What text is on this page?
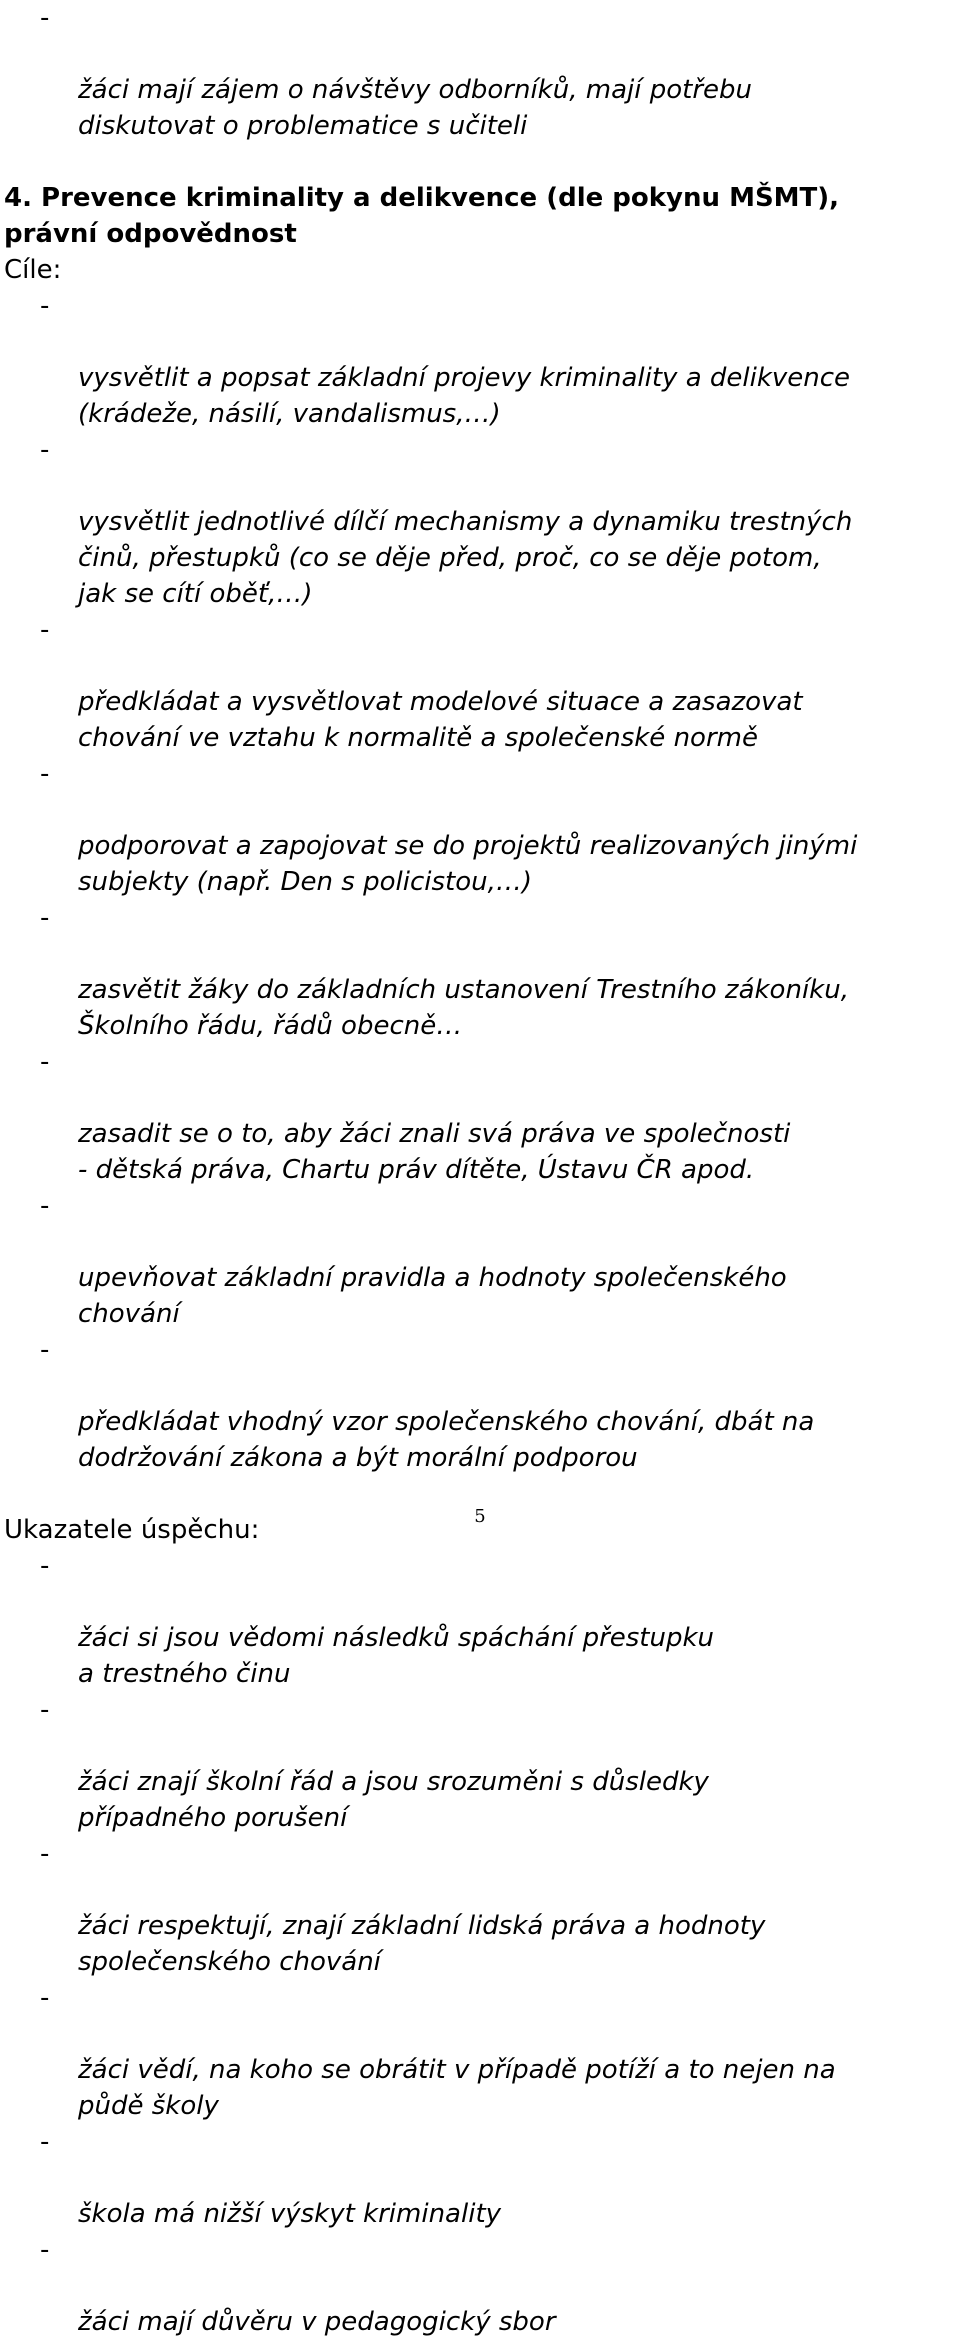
-

žáci mají zájem o návštěvy odborníků, mají potřebu
diskutovat o problematice s učiteli

4. Prevence kriminality a delikvence (dle pokynu MŠMT),
právní odpovědnost
Cíle:

-

vysvětlit a popsat základní projevy kriminality a delikvence
(krádeže, násilí, vandalismus,…)

-

vysvětlit jednotlivé dílčí mechanismy a dynamiku trestných
činů, přestupků (co se děje před, proč, co se děje potom,
jak se cítí oběť,…)

-

předkládat a vysvětlovat modelové situace a zasazovat
chování ve vztahu k normalitě a společenské normě

-

podporovat a zapojovat se do projektů realizovaných jinými
subjekty (např. Den s policistou,…)

-

zasvětit žáky do základních ustanovení Trestního zákoníku,
Školního řádu, řádů obecně…

-

zasadit se o to, aby žáci znali svá práva ve společnosti
- dětská práva, Chartu práv dítěte, Ústavu ČR apod.

-

upevňovat základní pravidla a hodnoty společenského
chování

-

předkládat vhodný vzor společenského chování, dbát na
dodržování zákona a být morální podporou

Ukazatele úspěchu:

-

žáci si jsou vědomi následků spáchání přestupku
a trestného činu

-

žáci znají školní řád a jsou srozuměni s důsledky
případného porušení

-

žáci respektují, znají základní lidská práva a hodnoty
společenského chování

-

žáci vědí, na koho se obrátit v případě potíží a to nejen na
půdě školy

-

škola má nižší výskyt kriminality

-

žáci mají důvěru v pedagogický sbor

5
